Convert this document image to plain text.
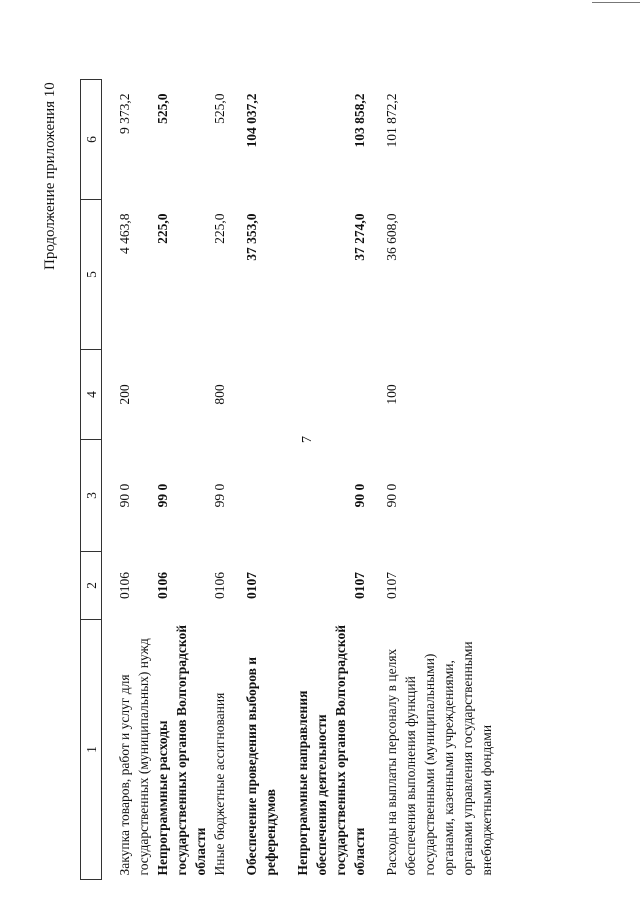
7
Продолжение приложения 10
1	2	3	4	5	6
Закупка товаров, работ и услуг для государственных (муниципальных) нужд	0106	90 0	200	4 463,8	9 373,2
Непрограммные расходы государственных органов Волгоградской области	0106	99 0		225,0	525,0
Иные бюджетные ассигнования	0106	99 0	800	225,0	525,0
Обеспечение проведения выборов и референдумов	0107			37 353,0	104 037,2
Непрограммные направления обеспечения деятельности государственных органов Волгоградской области	0107	90 0		37 274,0	103 858,2
Расходы на выплаты персоналу в целях обеспечения выполнения функций государственными (муниципальными) органами, казенными учреждениями, органами управления государственными внебюджетными фондами	0107	90 0	100	36 608,0	101 872,2
